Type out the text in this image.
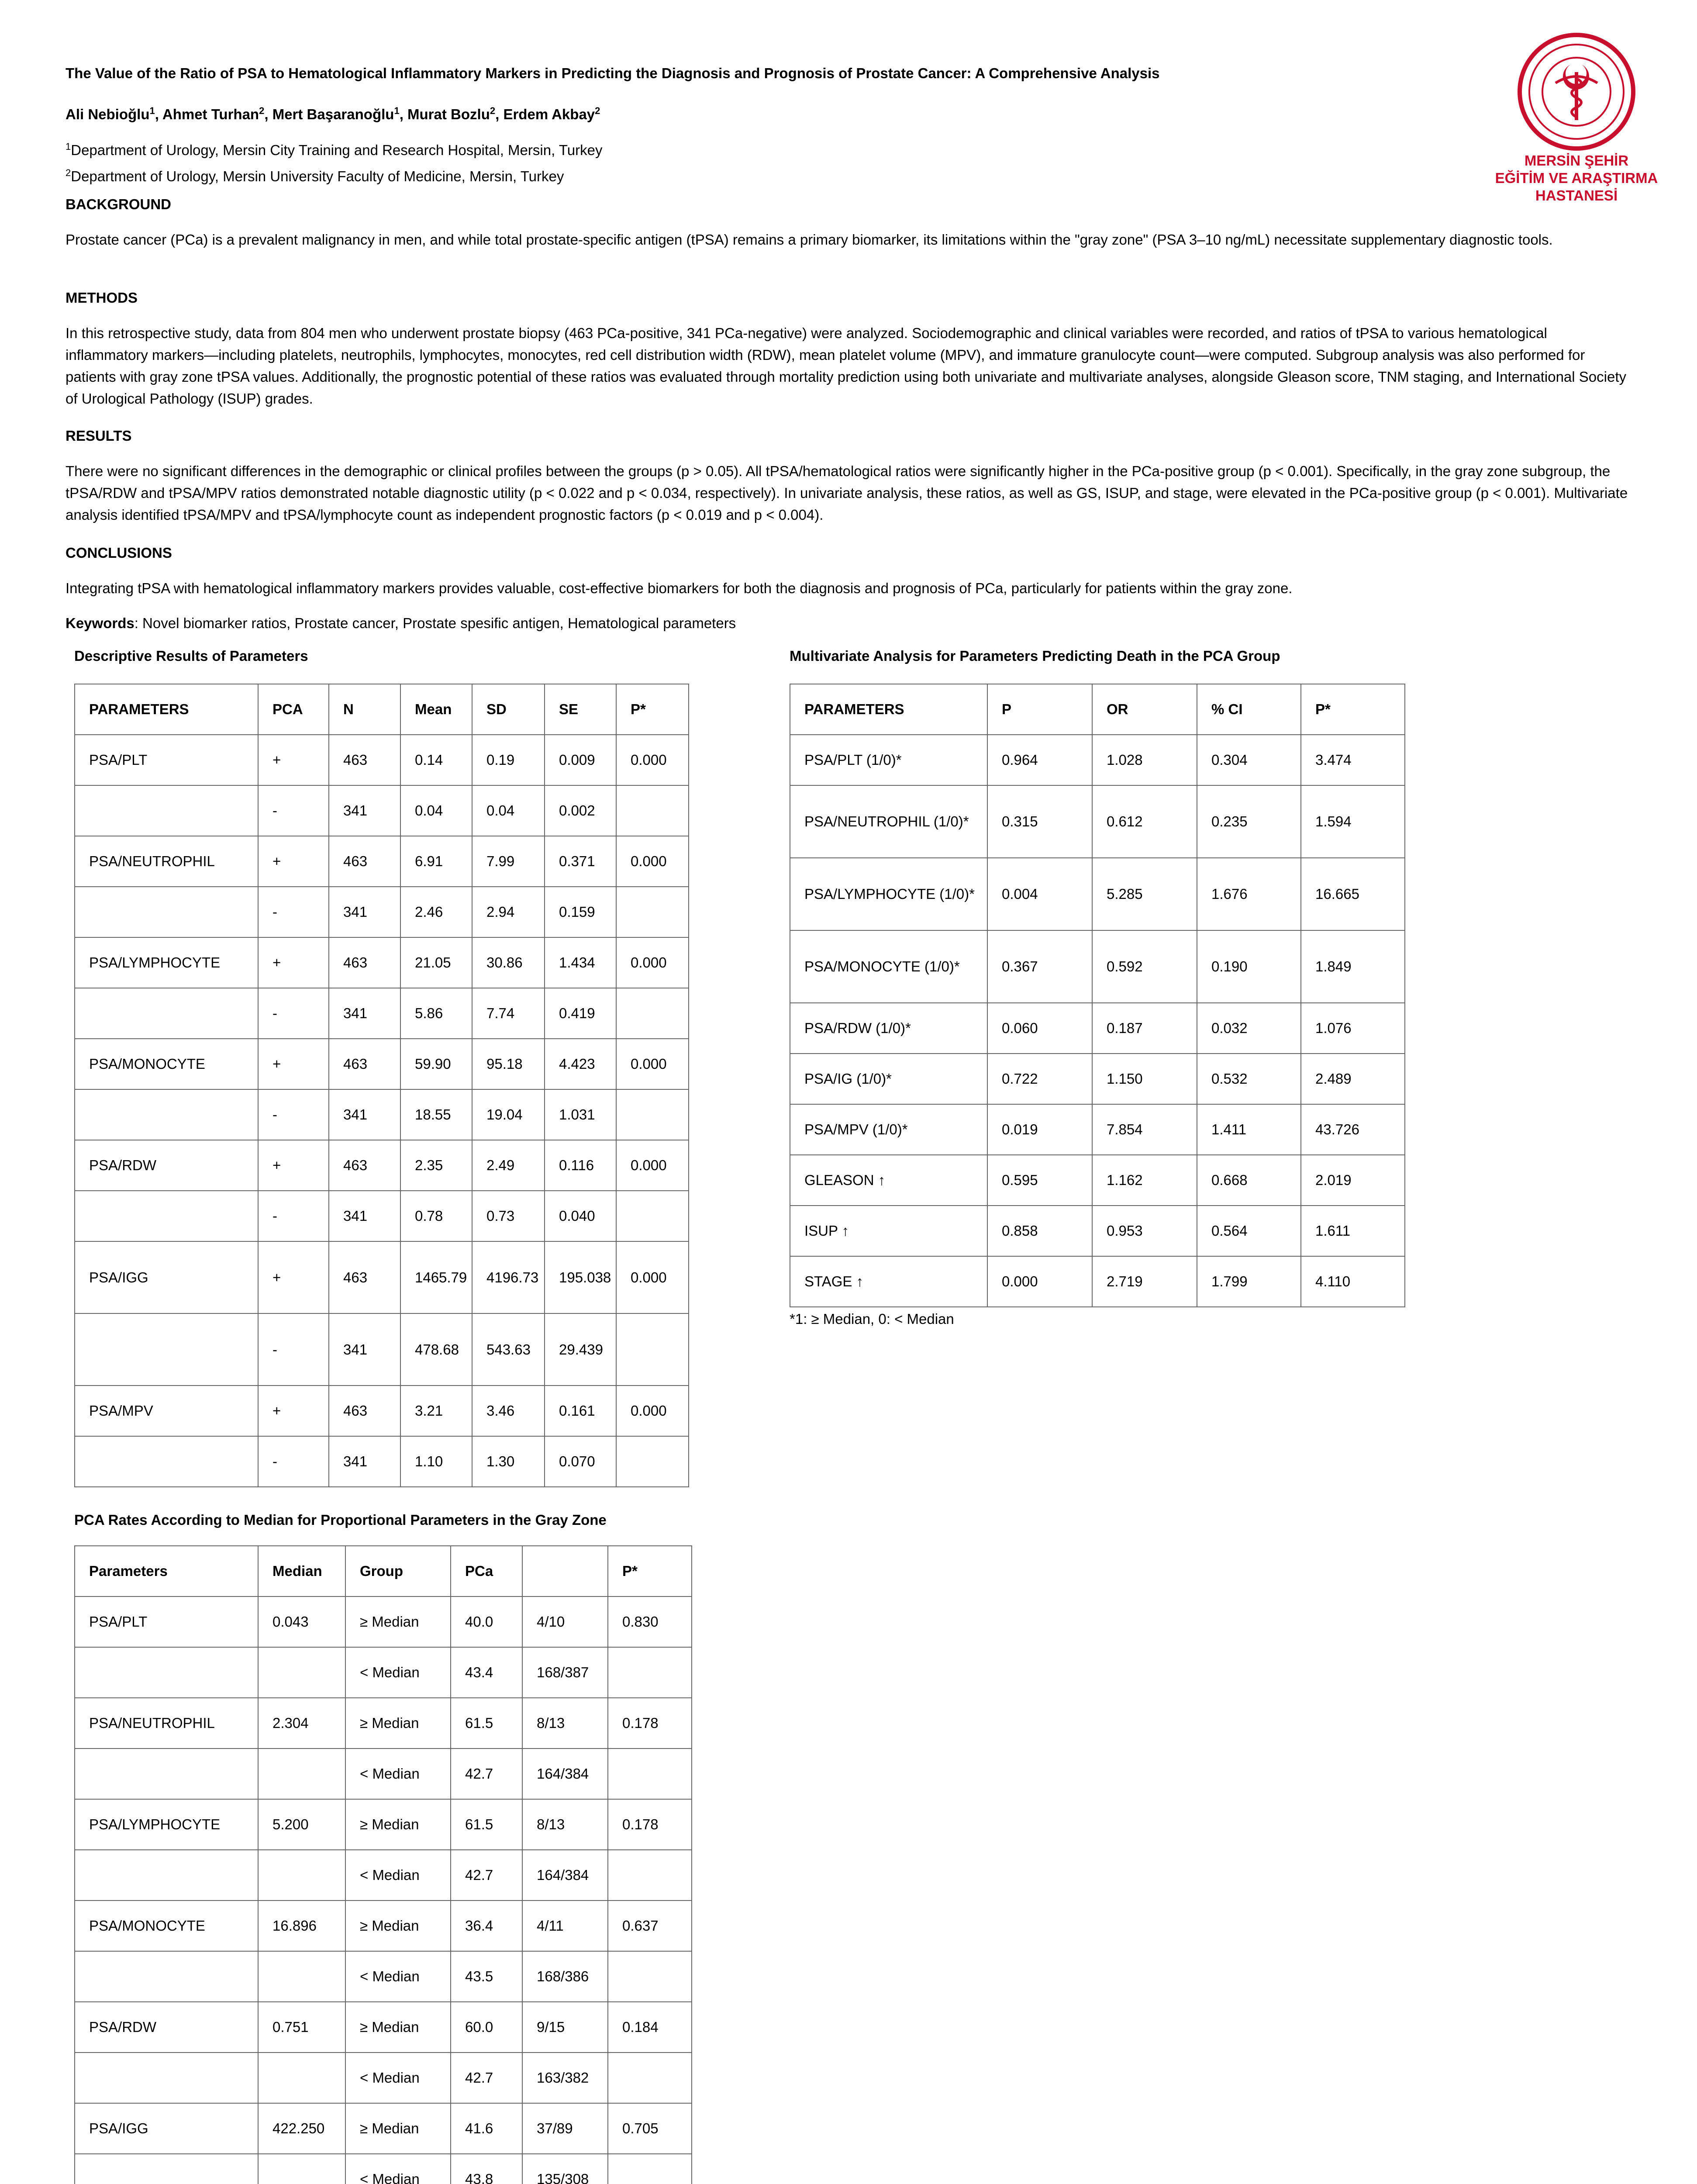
The Value of the Ratio of PSA to Hematological Inflammatory Markers in Predicting the Diagnosis and Prognosis of Prostate Cancer: A Comprehensive Analysis
Ali Nebioğlu$^1$, Ahmet Turhan$^2$, Mert Başaranoğlu$^1$, Murat Bozlu$^2$, Erdem Akbay$^2$
$^1$Department of Urology, Mersin City Training and Research Hospital, Mersin, Turkey
$^2$Department of Urology, Mersin University Faculty of Medicine, Mersin, Turkey
MERSİN ŞEHİR
EĞİTİM VE ARAŞTIRMA HASTANESİ
BACKGROUND
Prostate cancer (PCa) is a prevalent malignancy in men, and while total prostate-specific antigen (tPSA) remains a primary biomarker, its limitations within the "gray zone" (PSA 3–10 ng/mL) necessitate supplementary diagnostic tools.
METHODS
In this retrospective study, data from 804 men who underwent prostate biopsy (463 PCa-positive, 341 PCa-negative) were analyzed. Sociodemographic and clinical variables were recorded, and ratios of tPSA to various hematological inflammatory markers—including platelets, neutrophils, lymphocytes, monocytes, red cell distribution width (RDW), mean platelet volume (MPV), and immature granulocyte count—were computed. Subgroup analysis was also performed for patients with gray zone tPSA values. Additionally, the prognostic potential of these ratios was evaluated through mortality prediction using both univariate and multivariate analyses, alongside Gleason score, TNM staging, and International Society of Urological Pathology (ISUP) grades.
RESULTS
There were no significant differences in the demographic or clinical profiles between the groups (p > 0.05). All tPSA/hematological ratios were significantly higher in the PCa-positive group (p < 0.001). Specifically, in the gray zone subgroup, the tPSA/RDW and tPSA/MPV ratios demonstrated notable diagnostic utility (p < 0.022 and p < 0.034, respectively). In univariate analysis, these ratios, as well as GS, ISUP, and stage, were elevated in the PCa-positive group (p < 0.001). Multivariate analysis identified tPSA/MPV and tPSA/lymphocyte count as independent prognostic factors (p < 0.019 and p < 0.004).
CONCLUSIONS
Integrating tPSA with hematological inflammatory markers provides valuable, cost-effective biomarkers for both the diagnosis and prognosis of PCa, particularly for patients within the gray zone.
Keywords: Novel biomarker ratios, Prostate cancer, Prostate spesific antigen, Hematological parameters
Descriptive Results of Parameters
PARAMETERS	PCA	N	Mean	SD	SE	P*
PSA/PLT	+	463	0.14	0.19	0.009	0.000
	-	341	0.04	0.04	0.002	
PSA/NEUTROPHIL	+	463	6.91	7.99	0.371	0.000
	-	341	2.46	2.94	0.159	
PSA/LYMPHOCYTE	+	463	21.05	30.86	1.434	0.000
	-	341	5.86	7.74	0.419	
PSA/MONOCYTE	+	463	59.90	95.18	4.423	0.000
	-	341	18.55	19.04	1.031	
PSA/RDW	+	463	2.35	2.49	0.116	0.000
	-	341	0.78	0.73	0.040	
PSA/IGG	+	463	1465.79	4196.73	195.038	0.000
	-	341	478.68	543.63	29.439	
PSA/MPV	+	463	3.21	3.46	0.161	0.000
	-	341	1.10	1.30	0.070	
PCA Rates According to Median for Proportional Parameters in the Gray Zone
Parameters	Median	Group	PCa		P*
PSA/PLT	0.043	≥ Median	40.0	4/10	0.830
		< Median	43.4	168/387	
PSA/NEUTROPHIL	2.304	≥ Median	61.5	8/13	0.178
		< Median	42.7	164/384	
PSA/LYMPHOCYTE	5.200	≥ Median	61.5	8/13	0.178
		< Median	42.7	164/384	
PSA/MONOCYTE	16.896	≥ Median	36.4	4/11	0.637
		< Median	43.5	168/386	
PSA/RDW	0.751	≥ Median	60.0	9/15	0.184
		< Median	42.7	163/382	
PSA/IGG	422.250	≥ Median	41.6	37/89	0.705
		< Median	43.8	135/308	

Multivariate Analysis for Parameters Predicting Death in the PCA Group
PARAMETERS	P	OR	% CI	P*
PSA/PLT (1/0)*	0.964	1.028	0.304	3.474
PSA/NEUTROPHIL (1/0)*	0.315	0.612	0.235	1.594
PSA/LYMPHOCYTE (1/0)*	0.004	5.285	1.676	16.665
PSA/MONOCYTE (1/0)*	0.367	0.592	0.190	1.849
PSA/RDW (1/0)*	0.060	0.187	0.032	1.076
PSA/IG (1/0)*	0.722	1.150	0.532	2.489
PSA/MPV (1/0)*	0.019	7.854	1.411	43.726
GLEASON ↑	0.595	1.162	0.668	2.019
ISUP ↑	0.858	0.953	0.564	1.611
STAGE ↑	0.000	2.719	1.799	4.110
*1: ≥ Median, 0: < Median
